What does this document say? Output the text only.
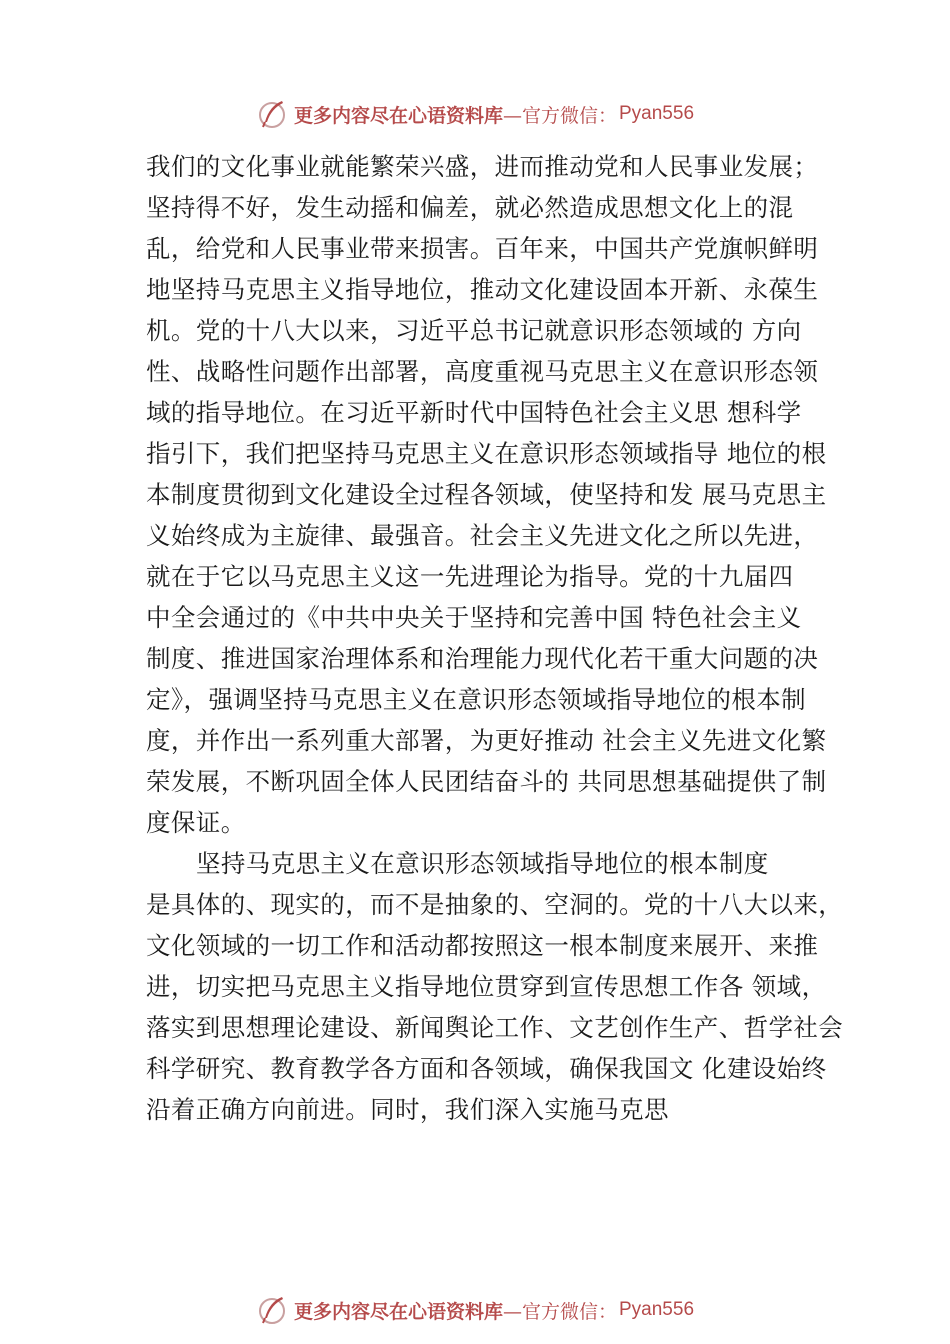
更多内容尽在心语资料库 —官方微信： Pyan556
我们的文化事业就能繁荣兴盛，进而推动党和人民事业发展；
坚持得不好，发生动摇和偏差，就必然造成思想文化上的混
乱，给党和人民事业带来损害。百年来，中国共产党旗帜鲜明
地坚持马克思主义指导地位，推动文化建设固本开新、永葆生
机。党的十八大以来，习近平总书记就意识形态领域的 方向
性、战略性问题作出部署，高度重视马克思主义在意识形态领
域的指导地位。在习近平新时代中国特色社会主义思 想科学
指引下，我们把坚持马克思主义在意识形态领域指导 地位的根
本制度贯彻到文化建设全过程各领域，使坚持和发 展马克思主
义始终成为主旋律、最强音。社会主义先进文化之所以先进，
就在于它以马克思主义这一先进理论为指导。党的十九届四
中全会通过的《中共中央关于坚持和完善中国 特色社会主义
制度、推进国家治理体系和治理能力现代化若干重大问题的决
定》，强调坚持马克思主义在意识形态领域指导地位的根本制
度，并作出一系列重大部署，为更好推动 社会主义先进文化繁
荣发展，不断巩固全体人民团结奋斗的 共同思想基础提供了制
度保证。
坚持马克思主义在意识形态领域指导地位的根本制度
是具体的、现实的，而不是抽象的、空洞的。党的十八大以来，
文化领域的一切工作和活动都按照这一根本制度来展开、来推
进，切实把马克思主义指导地位贯穿到宣传思想工作各 领域，
落实到思想理论建设、新闻舆论工作、文艺创作生产、哲学社会
科学研究、教育教学各方面和各领域，确保我国文 化建设始终
沿着正确方向前进。同时，我们深入实施马克思
更多内容尽在心语资料库 —官方微信： Pyan556
